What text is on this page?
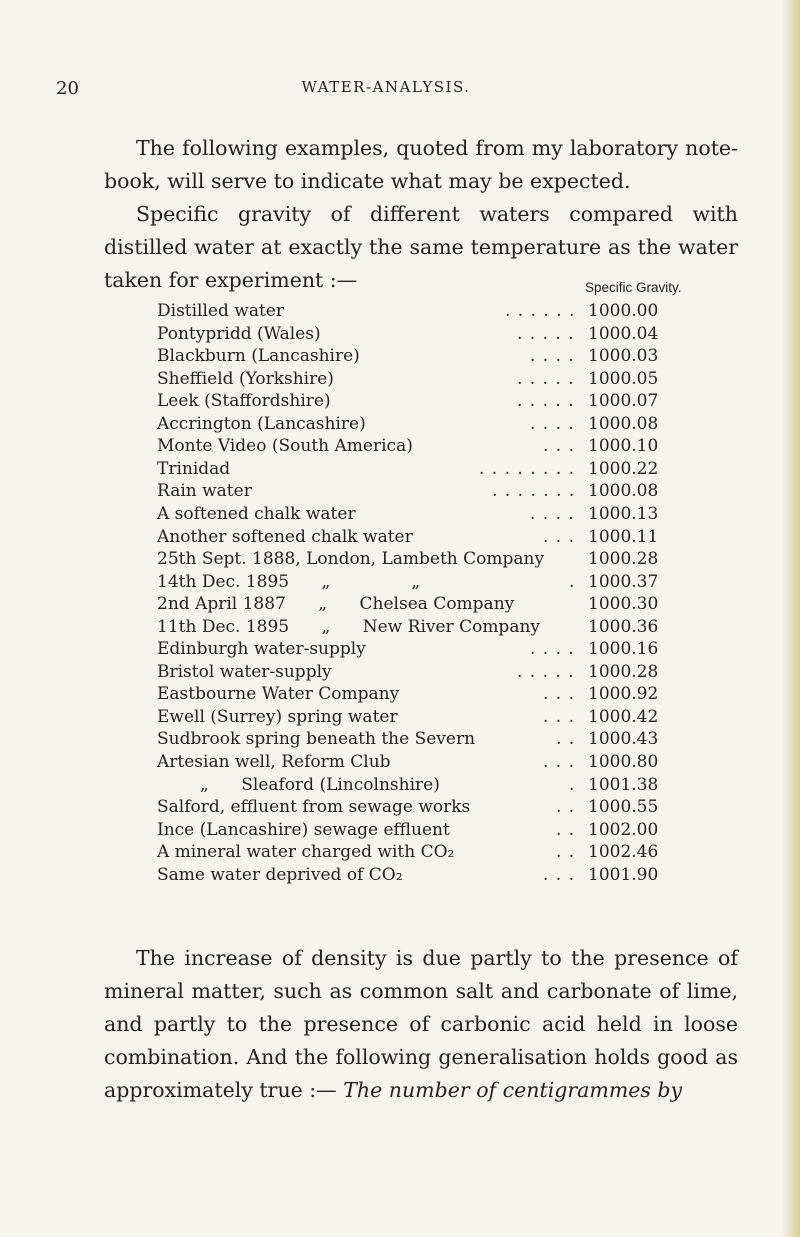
20	WATER-ANALYSIS.

The following examples, quoted from my laboratory note-book, will serve to indicate what may be expected.

Specific gravity of different waters compared with distilled water at exactly the same temperature as the water taken for experiment :—	Specific Gravity.
Distilled water	. . . . . . 1000.00
Pontypridd (Wales)	. . . . . 1000.04
Blackburn (Lancashire)	. . . . 1000.03
Sheffield (Yorkshire)	. . . . . 1000.05
Leek (Staffordshire)	. . . . . 1000.07
Accrington (Lancashire)	. . . . 1000.08
Monte Video (South America)	. . . 1000.10
Trinidad	. . . . . . . . 1000.22
Rain water	. . . . . . . 1000.08
A softened chalk water	. . . . 1000.13
Another softened chalk water	. . . 1000.11
25th Sept. 1888, London, Lambeth Company	1000.28
14th Dec. 1895      „               „	. 1000.37
2nd April 1887      „      Chelsea Company	1000.30
11th Dec. 1895      „      New River Company	1000.36
Edinburgh water-supply	. . . . 1000.16
Bristol water-supply	. . . . . 1000.28
Eastbourne Water Company	. . . 1000.92
Ewell (Surrey) spring water	. . . 1000.42
Sudbrook spring beneath the Severn	. . 1000.43
Artesian well, Reform Club	. . . 1000.80
„      Sleaford (Lincolnshire)	. 1001.38
Salford, effluent from sewage works	. . 1000.55
Ince (Lancashire) sewage effluent	. . 1002.00
A mineral water charged with CO₂	. . 1002.46
Same water deprived of CO₂	. . . 1001.90

The increase of density is due partly to the presence of mineral matter, such as common salt and carbonate of lime, and partly to the presence of carbonic acid held in loose combination. And the following generalisation holds good as approximately true :— The number of centigrammes by
